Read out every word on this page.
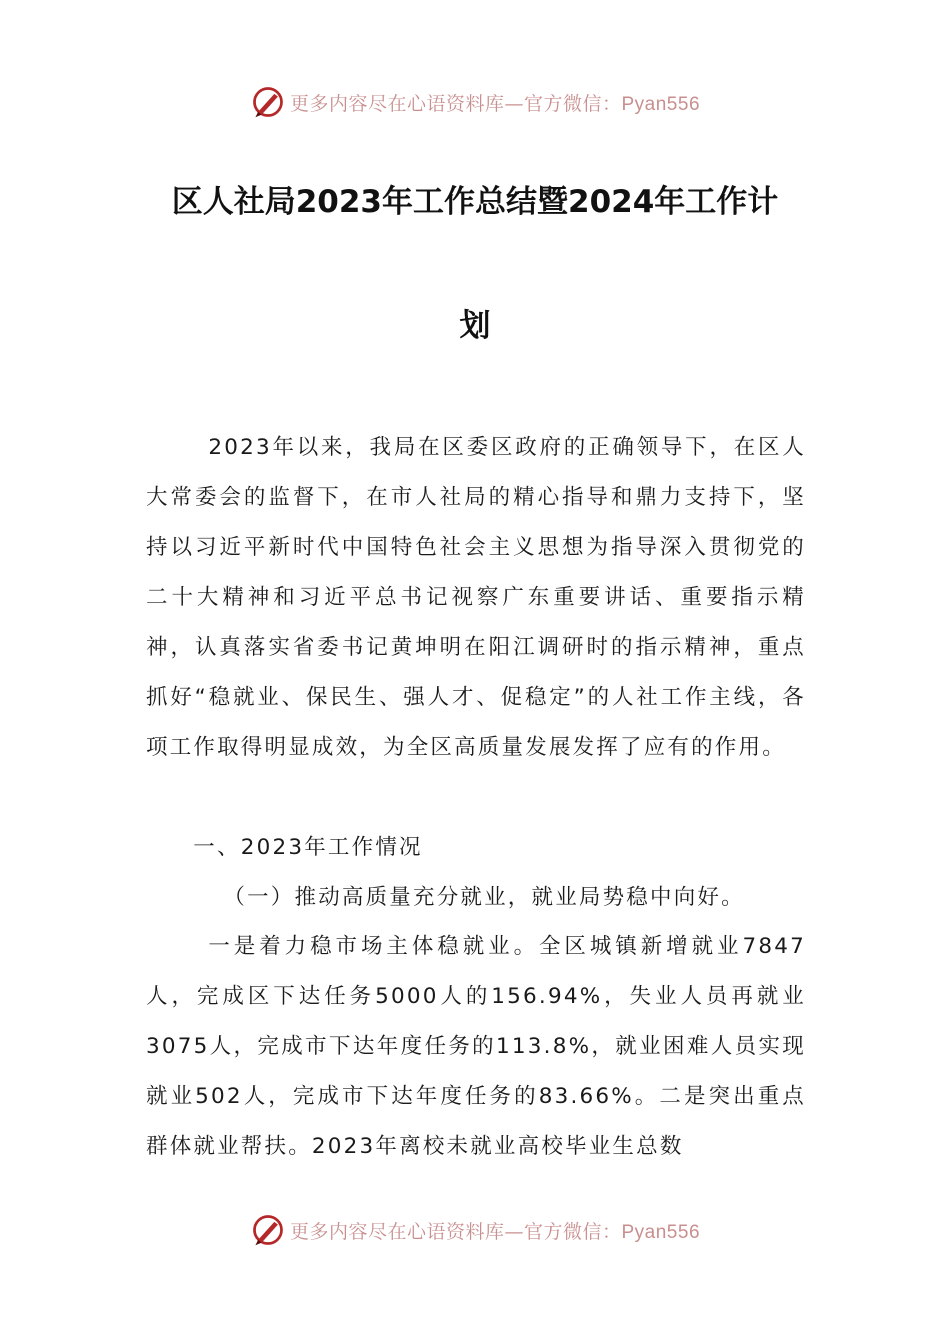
更多内容尽在心语资料库—官方微信：Pyan556
区人社局2023年工作总结暨2024年工作计
划

2023年以来，我局在区委区政府的正确领导下，在区人大常委会的监督下，在市人社局的精心指导和鼎力支持下，坚持以习近平新时代中国特色社会主义思想为指导深入贯彻党的二十大精神和习近平总书记视察广东重要讲话、重要指示精神，认真落实省委书记黄坤明在阳江调研时的指示精神，重点抓好“稳就业、保民生、强人才、促稳定”的人社工作主线，各项工作取得明显成效，为全区高质量发展发挥了应有的作用。

一、2023年工作情况

（一）推动高质量充分就业，就业局势稳中向好。

一是着力稳市场主体稳就业。全区城镇新增就业7847人，完成区下达任务5000人的156.94%，失业人员再就业3075人，完成市下达年度任务的113.8%，就业困难人员实现就业502人，完成市下达年度任务的83.66%。二是突出重点群体就业帮扶。2023年离校未就业高校毕业生总数

更多内容尽在心语资料库—官方微信：Pyan556
